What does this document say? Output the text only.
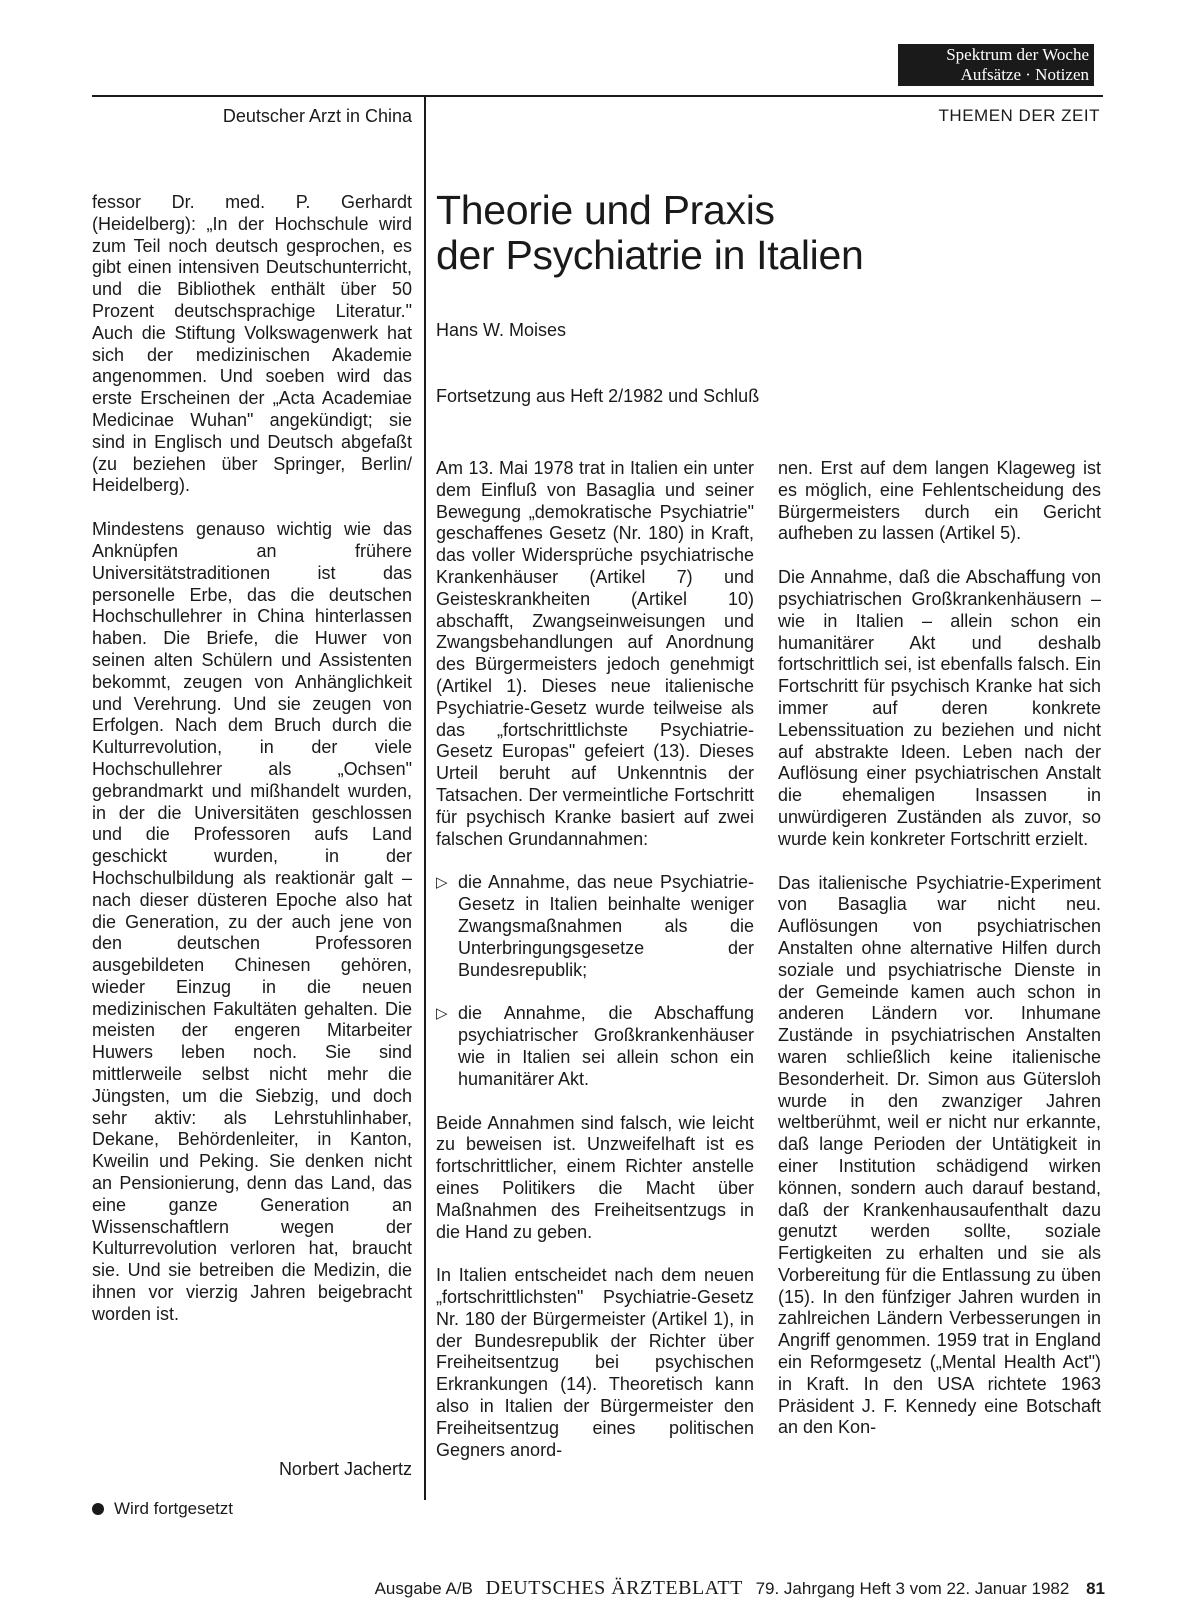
Spektrum der Woche
Aufsätze · Notizen
Deutscher Arzt in China	THEMEN DER ZEIT

fessor Dr. med. P. Gerhardt (Heidelberg): „In der Hochschule wird zum Teil noch deutsch gesprochen, es gibt einen intensiven Deutschunterricht, und die Bibliothek enthält über 50 Prozent deutschsprachige Literatur." Auch die Stiftung Volkswagenwerk hat sich der medizinischen Akademie angenommen. Und soeben wird das erste Erscheinen der „Acta Academiae Medicinae Wuhan" angekündigt; sie sind in Englisch und Deutsch abgefaßt (zu beziehen über Springer, Berlin/ Heidelberg).

Mindestens genauso wichtig wie das Anknüpfen an frühere Universitätstraditionen ist das personelle Erbe, das die deutschen Hochschullehrer in China hinterlassen haben. Die Briefe, die Huwer von seinen alten Schülern und Assistenten bekommt, zeugen von Anhänglichkeit und Verehrung. Und sie zeugen von Erfolgen. Nach dem Bruch durch die Kulturrevolution, in der viele Hochschullehrer als „Ochsen" gebrandmarkt und mißhandelt wurden, in der die Universitäten geschlossen und die Professoren aufs Land geschickt wurden, in der Hochschulbildung als reaktionär galt – nach dieser düsteren Epoche also hat die Generation, zu der auch jene von den deutschen Professoren ausgebildeten Chinesen gehören, wieder Einzug in die neuen medizinischen Fakultäten gehalten. Die meisten der engeren Mitarbeiter Huwers leben noch. Sie sind mittlerweile selbst nicht mehr die Jüngsten, um die Siebzig, und doch sehr aktiv: als Lehrstuhlinhaber, Dekane, Behördenleiter, in Kanton, Kweilin und Peking. Sie denken nicht an Pensionierung, denn das Land, das eine ganze Generation an Wissenschaftlern wegen der Kulturrevolution verloren hat, braucht sie. Und sie betreiben die Medizin, die ihnen vor vierzig Jahren beigebracht worden ist.

Norbert Jachertz
Wird fortgesetzt
Theorie und Praxis
der Psychiatrie in Italien
Hans W. Moises
Fortsetzung aus Heft 2/1982 und Schluß

Am 13. Mai 1978 trat in Italien ein unter dem Einfluß von Basaglia und seiner Bewegung „demokratische Psychiatrie" geschaffenes Gesetz (Nr. 180) in Kraft, das voller Widersprüche psychiatrische Krankenhäuser (Artikel 7) und Geisteskrankheiten (Artikel 10) abschafft, Zwangseinweisungen und Zwangsbehandlungen auf Anordnung des Bürgermeisters jedoch genehmigt (Artikel 1). Dieses neue italienische Psychiatrie-Gesetz wurde teilweise als das „fortschrittlichste Psychiatrie-Gesetz Europas" gefeiert (13). Dieses Urteil beruht auf Unkenntnis der Tatsachen. Der vermeintliche Fortschritt für psychisch Kranke basiert auf zwei falschen Grundannahmen:

▷ die Annahme, das neue Psychiatrie-Gesetz in Italien beinhalte weniger Zwangsmaßnahmen als die Unterbringungsgesetze der Bundesrepublik;
▷ die Annahme, die Abschaffung psychiatrischer Großkrankenhäuser wie in Italien sei allein schon ein humanitärer Akt.

Beide Annahmen sind falsch, wie leicht zu beweisen ist. Unzweifelhaft ist es fortschrittlicher, einem Richter anstelle eines Politikers die Macht über Maßnahmen des Freiheitsentzugs in die Hand zu geben.

In Italien entscheidet nach dem neuen „fortschrittlichsten" Psychiatrie-Gesetz Nr. 180 der Bürgermeister (Artikel 1), in der Bundesrepublik der Richter über Freiheitsentzug bei psychischen Erkrankungen (14). Theoretisch kann also in Italien der Bürgermeister den Freiheitsentzug eines politischen Gegners anord-

nen. Erst auf dem langen Klageweg ist es möglich, eine Fehlentscheidung des Bürgermeisters durch ein Gericht aufheben zu lassen (Artikel 5).

Die Annahme, daß die Abschaffung von psychiatrischen Großkrankenhäusern – wie in Italien – allein schon ein humanitärer Akt und deshalb fortschrittlich sei, ist ebenfalls falsch. Ein Fortschritt für psychisch Kranke hat sich immer auf deren konkrete Lebenssituation zu beziehen und nicht auf abstrakte Ideen. Leben nach der Auflösung einer psychiatrischen Anstalt die ehemaligen Insassen in unwürdigeren Zuständen als zuvor, so wurde kein konkreter Fortschritt erzielt.

Das italienische Psychiatrie-Experiment von Basaglia war nicht neu. Auflösungen von psychiatrischen Anstalten ohne alternative Hilfen durch soziale und psychiatrische Dienste in der Gemeinde kamen auch schon in anderen Ländern vor. Inhumane Zustände in psychiatrischen Anstalten waren schließlich keine italienische Besonderheit. Dr. Simon aus Gütersloh wurde in den zwanziger Jahren weltberühmt, weil er nicht nur erkannte, daß lange Perioden der Untätigkeit in einer Institution schädigend wirken können, sondern auch darauf bestand, daß der Krankenhausaufenthalt dazu genutzt werden sollte, soziale Fertigkeiten zu erhalten und sie als Vorbereitung für die Entlassung zu üben (15). In den fünfziger Jahren wurden in zahlreichen Ländern Verbesserungen in Angriff genommen. 1959 trat in England ein Reformgesetz („Mental Health Act") in Kraft. In den USA richtete 1963 Präsident J. F. Kennedy eine Botschaft an den Kon-

Ausgabe A/B DEUTSCHES ÄRZTEBLATT 79. Jahrgang Heft 3 vom 22. Januar 1982 81
